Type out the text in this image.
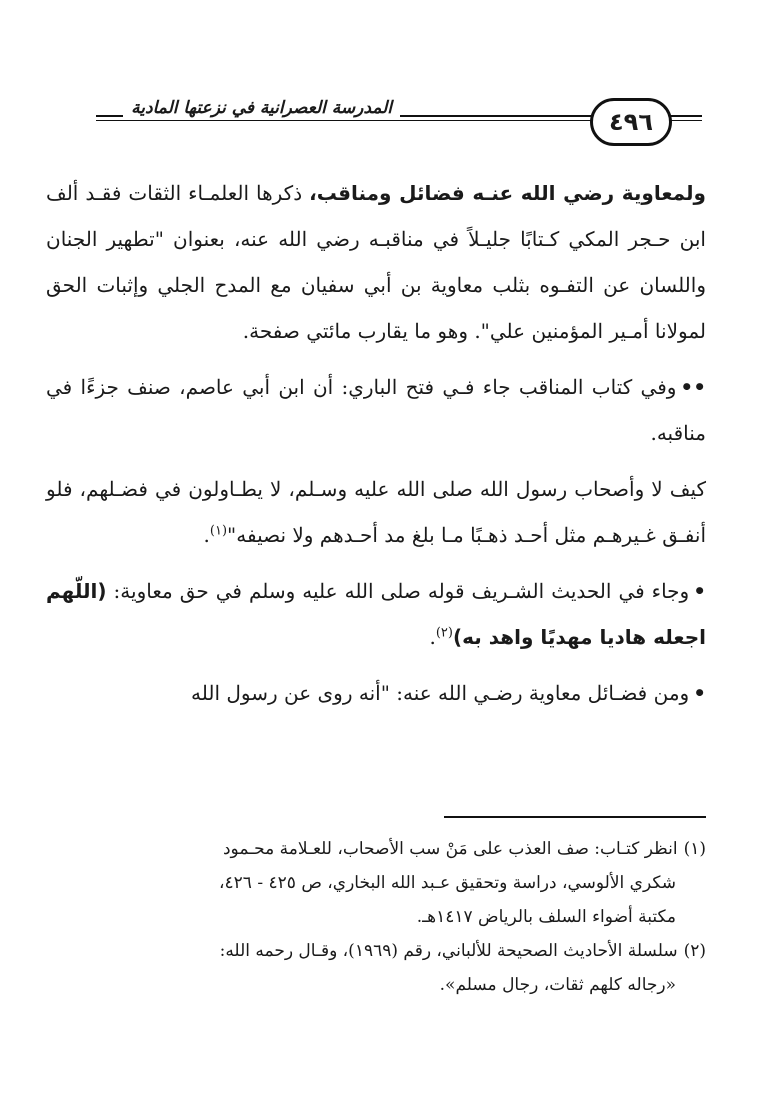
المدرسة العصرانية في نزعتها المادية	٤٩٦

ولمعاوية رضي الله عنـه فضائل ومناقب، ذكرها العلمـاء الثقات فقـد ألف ابن حـجر المكي كـتابًا جليـلاً في مناقبـه رضي الله عنه، بعنوان "تطهير الجنان واللسان عن التفـوه بثلب معاوية بن أبي سفيان مع المدح الجلي وإثبات الحق لمولانا أمـير المؤمنين علي". وهو ما يقارب مائتي صفحة.

••وفي كتاب المناقب جاء فـي فتح الباري: أن ابن أبي عاصم، صنف جزءًا في مناقبه.

كيف لا وأصحاب رسول الله صلى الله عليه وسـلم، لا يطـاولون في فضـلهم، فلو أنفـق غـيرهـم مثل أحـد ذهـبًا مـا بلغ مد أحـدهم ولا نصيفه"$^{(١)}$.

•وجاء في الحديث الشـريف قوله صلى الله عليه وسلم في حق معاوية: (اللّهم اجعله هاديا مهديًا واهد به)$^{(٢)}$.

•ومن فضـائل معاوية رضـي الله عنه: "أنه روى عن رسول الله

(١)انظر كتـاب: صف العذب على مَنْ سب الأصحاب، للعـلامة محـمود

شكري الألوسي، دراسة وتحقيق عـبد الله البخاري، ص ٤٢٥ - ٤٢٦،

مكتبة أضواء السلف بالرياض ١٤١٧هـ.

(٢)سلسلة الأحاديث الصحيحة للألباني، رقم (١٩٦٩)، وقـال رحمه الله:

«رجاله كلهم ثقات، رجال مسلم».
